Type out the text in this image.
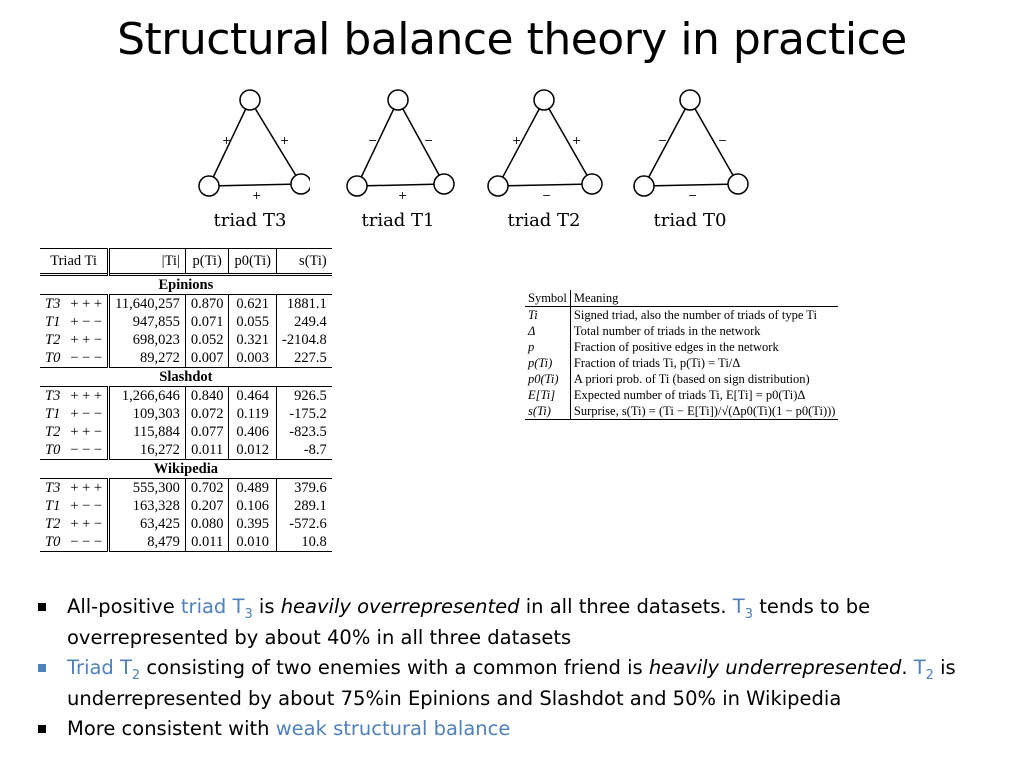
Structural balance theory in practice
+	+
+
triad T3
−	−
+
triad T1
+	+
−
triad T2
−	−
−
triad T0
Triad Ti		|Ti|	p(Ti)	p0(Ti)	s(Ti)
Epinions					
T3	+ + +	11,640,257	0.870	0.621	1881.1
T1	+ − −	947,855	0.071	0.055	249.4
T2	+ + −	698,023	0.052	0.321	-2104.8
T0	− − −	89,272	0.007	0.003	227.5
Slashdot					
T3	+ + +	1,266,646	0.840	0.464	926.5
T1	+ − −	109,303	0.072	0.119	-175.2
T2	+ + −	115,884	0.077	0.406	-823.5
T0	− − −	16,272	0.011	0.012	-8.7
Wikipedia					
T3	+ + +	555,300	0.702	0.489	379.6
T1	+ − −	163,328	0.207	0.106	289.1
T2	+ + −	63,425	0.080	0.395	-572.6
T0	− − −	8,479	0.011	0.010	10.8
Symbol	Meaning
Ti	Signed triad, also the number of triads of type Ti
Δ	Total number of triads in the network
p	Fraction of positive edges in the network
p(Ti)	Fraction of triads Ti, p(Ti) = Ti/Δ
p0(Ti)	A priori prob. of Ti (based on sign distribution)
E[Ti]	Expected number of triads Ti, E[Ti] = p0(Ti)Δ
s(Ti)	Surprise, s(Ti) = (Ti − E[Ti])/√(Δp0(Ti)(1 − p0(Ti)))
All-positive triad $T_3$ is heavily overrepresented in all three datasets. $T_3$ tends to be overrepresented by about 40% in all three datasets
Triad $T_2$ consisting of two enemies with a common friend is heavily underrepresented. $T_2$ is underrepresented by about 75%in Epinions and Slashdot and 50% in Wikipedia
More consistent with weak structural balance
